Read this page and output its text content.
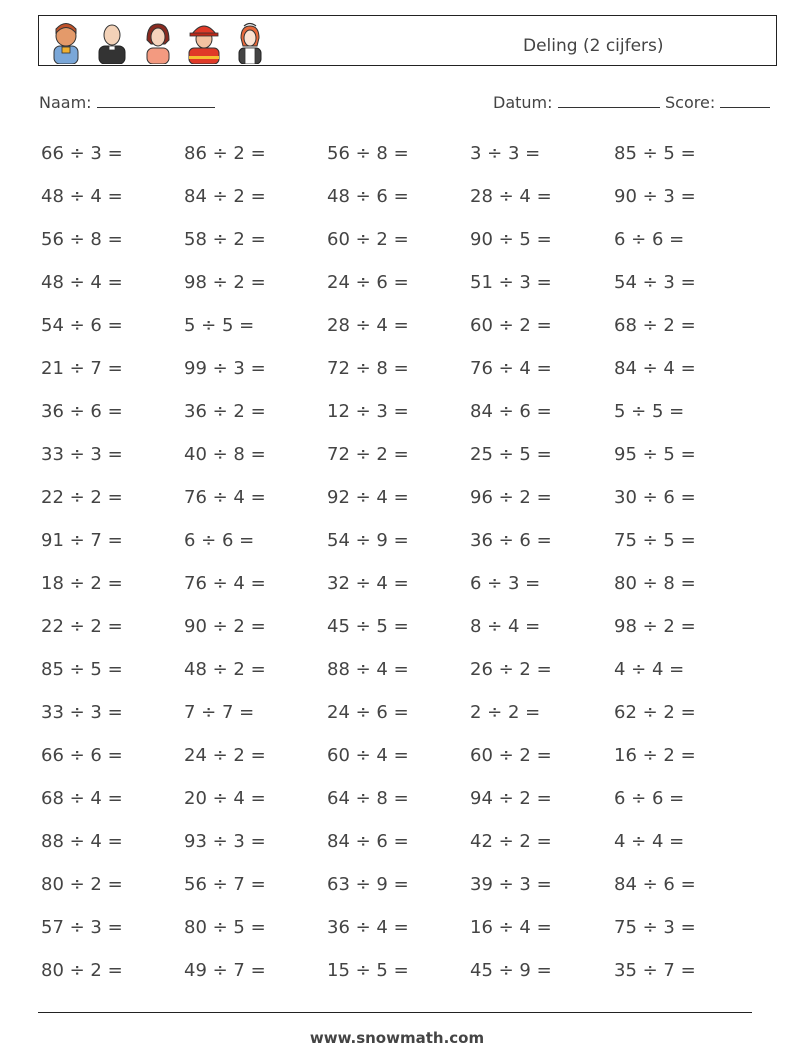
Deling (2 cijfers)
Naam:	Datum:	Score:
66 ÷ 3 =	86 ÷ 2 =	56 ÷ 8 =	3 ÷ 3 =	85 ÷ 5 =
48 ÷ 4 =	84 ÷ 2 =	48 ÷ 6 =	28 ÷ 4 =	90 ÷ 3 =
56 ÷ 8 =	58 ÷ 2 =	60 ÷ 2 =	90 ÷ 5 =	6 ÷ 6 =
48 ÷ 4 =	98 ÷ 2 =	24 ÷ 6 =	51 ÷ 3 =	54 ÷ 3 =
54 ÷ 6 =	5 ÷ 5 =	28 ÷ 4 =	60 ÷ 2 =	68 ÷ 2 =
21 ÷ 7 =	99 ÷ 3 =	72 ÷ 8 =	76 ÷ 4 =	84 ÷ 4 =
36 ÷ 6 =	36 ÷ 2 =	12 ÷ 3 =	84 ÷ 6 =	5 ÷ 5 =
33 ÷ 3 =	40 ÷ 8 =	72 ÷ 2 =	25 ÷ 5 =	95 ÷ 5 =
22 ÷ 2 =	76 ÷ 4 =	92 ÷ 4 =	96 ÷ 2 =	30 ÷ 6 =
91 ÷ 7 =	6 ÷ 6 =	54 ÷ 9 =	36 ÷ 6 =	75 ÷ 5 =
18 ÷ 2 =	76 ÷ 4 =	32 ÷ 4 =	6 ÷ 3 =	80 ÷ 8 =
22 ÷ 2 =	90 ÷ 2 =	45 ÷ 5 =	8 ÷ 4 =	98 ÷ 2 =
85 ÷ 5 =	48 ÷ 2 =	88 ÷ 4 =	26 ÷ 2 =	4 ÷ 4 =
33 ÷ 3 =	7 ÷ 7 =	24 ÷ 6 =	2 ÷ 2 =	62 ÷ 2 =
66 ÷ 6 =	24 ÷ 2 =	60 ÷ 4 =	60 ÷ 2 =	16 ÷ 2 =
68 ÷ 4 =	20 ÷ 4 =	64 ÷ 8 =	94 ÷ 2 =	6 ÷ 6 =
88 ÷ 4 =	93 ÷ 3 =	84 ÷ 6 =	42 ÷ 2 =	4 ÷ 4 =
80 ÷ 2 =	56 ÷ 7 =	63 ÷ 9 =	39 ÷ 3 =	84 ÷ 6 =
57 ÷ 3 =	80 ÷ 5 =	36 ÷ 4 =	16 ÷ 4 =	75 ÷ 3 =
80 ÷ 2 =	49 ÷ 7 =	15 ÷ 5 =	45 ÷ 9 =	35 ÷ 7 =
www.snowmath.com
